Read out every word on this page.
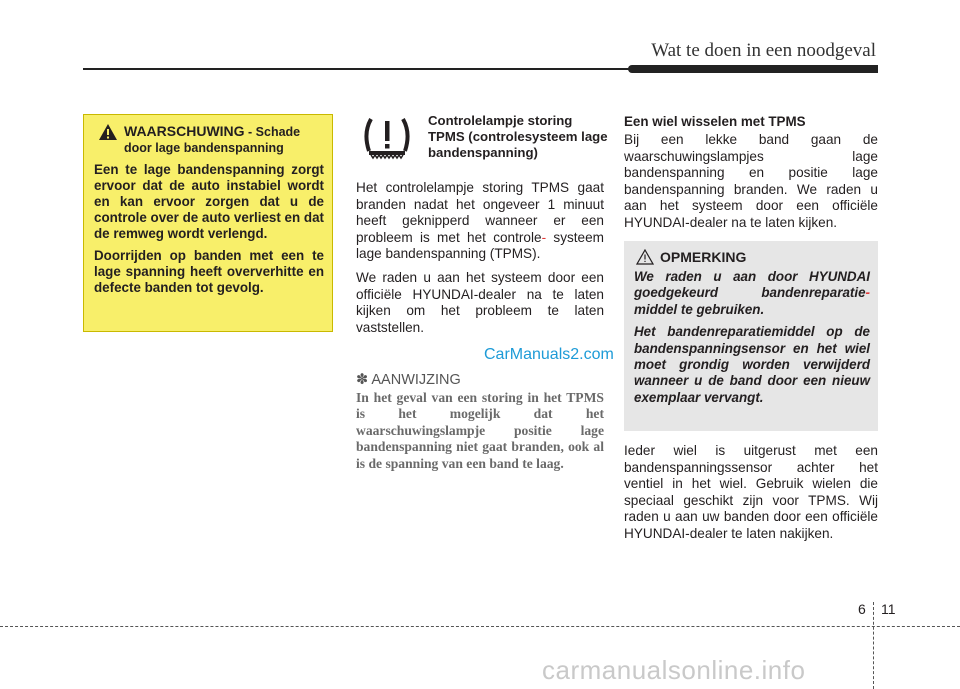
Wat te doen in een noodgeval
WAARSCHUWING - Schade
door lage bandenspanning

Een te lage bandenspanning zorgt ervoor dat de auto instabiel wordt en kan ervoor zorgen dat u de controle over de auto verliest en dat de remweg wordt verlengd.

Doorrijden op banden met een te lage spanning heeft oververhitte en defecte banden tot gevolg.

Controlelampje storing TPMS (controlesysteem lage bandenspanning)

Het controlelampje storing TPMS gaat branden nadat het ongeveer 1 minuut heeft geknipperd wanneer er een probleem is met het controle- systeem lage bandenspanning (TPMS).

We raden u aan het systeem door een officiële HYUNDAI-dealer na te laten kijken om het probleem te laten vaststellen.

CarManuals2.com
✽ AANWIJZING
In het geval van een storing in het TPMS is het mogelijk dat het waarschuwingslampje positie lage bandenspanning niet gaat branden, ook al is de spanning van een band te laag.
Een wiel wisselen met TPMS

Bij een lekke band gaan de waarschuwingslampjes lage bandenspanning en positie lage bandenspanning branden. We raden u aan het systeem door een officiële HYUNDAI-dealer na te laten kijken.

OPMERKING

We raden u aan door HYUNDAI goedgekeurd bandenreparatie- middel te gebruiken.

Het bandenreparatiemiddel op de bandenspanningsensor en het wiel moet grondig worden verwijderd wanneer u de band door een nieuw exemplaar vervangt.

Ieder wiel is uitgerust met een bandenspanningssensor achter het ventiel in het wiel. Gebruik wielen die speciaal geschikt zijn voor TPMS. Wij raden u aan uw banden door een officiële HYUNDAI-dealer te laten nakijken.

6 11
carmanualsonline.info
